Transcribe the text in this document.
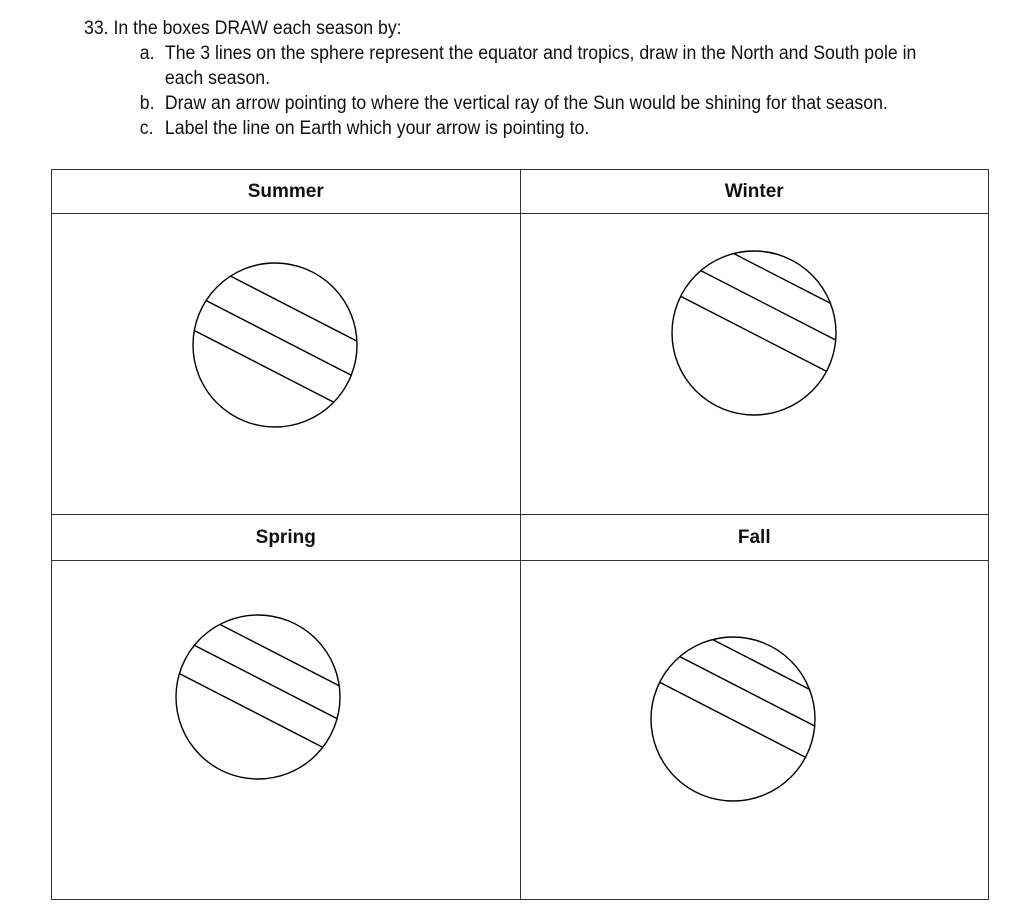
33. In the boxes DRAW each season by:

a. The 3 lines on the sphere represent the equator and tropics, draw in the North and South pole in each season.
b. Draw an arrow pointing to where the vertical ray of the Sun would be shining for that season.
c. Label the line on Earth which your arrow is pointing to.
Summer	Winter

Spring	Fall
